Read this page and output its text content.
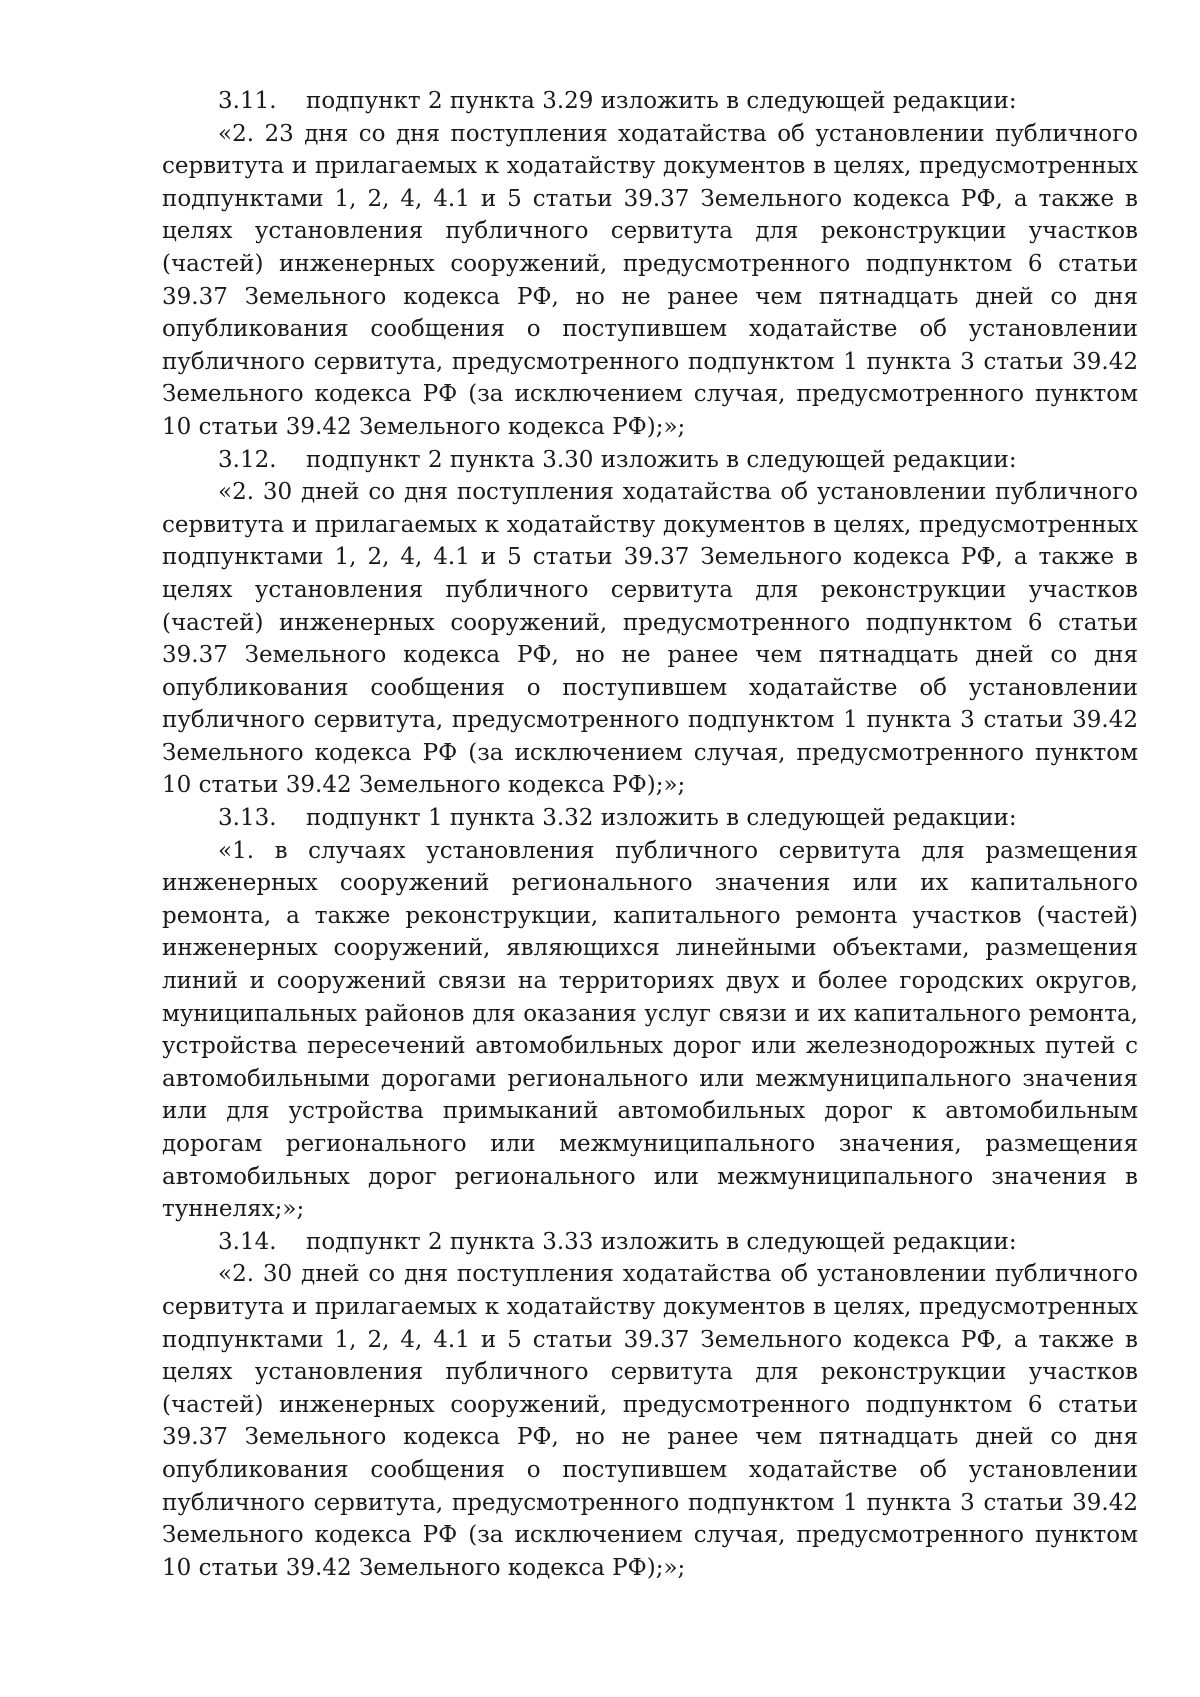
3.11. подпункт 2 пункта 3.29 изложить в следующей редакции:

«2. 23 дня со дня поступления ходатайства об установлении публичного сервитута и прилагаемых к ходатайству документов в целях, предусмотренных подпунктами 1, 2, 4, 4.1 и 5 статьи 39.37 Земельного кодекса РФ, а также в целях установления публичного сервитута для реконструкции участков (частей) инженерных сооружений, предусмотренного подпунктом 6 статьи 39.37 Земельного кодекса РФ, но не ранее чем пятнадцать дней со дня опубликования сообщения о поступившем ходатайстве об установлении публичного сервитута, предусмотренного подпунктом 1 пункта 3 статьи 39.42 Земельного кодекса РФ (за исключением случая, предусмотренного пунктом 10 статьи 39.42 Земельного кодекса РФ);»;

3.12. подпункт 2 пункта 3.30 изложить в следующей редакции:

«2. 30 дней со дня поступления ходатайства об установлении публичного сервитута и прилагаемых к ходатайству документов в целях, предусмотренных подпунктами 1, 2, 4, 4.1 и 5 статьи 39.37 Земельного кодекса РФ, а также в целях установления публичного сервитута для реконструкции участков (частей) инженерных сооружений, предусмотренного подпунктом 6 статьи 39.37 Земельного кодекса РФ, но не ранее чем пятнадцать дней со дня опубликования сообщения о поступившем ходатайстве об установлении публичного сервитута, предусмотренного подпунктом 1 пункта 3 статьи 39.42 Земельного кодекса РФ (за исключением случая, предусмотренного пунктом 10 статьи 39.42 Земельного кодекса РФ);»;

3.13. подпункт 1 пункта 3.32 изложить в следующей редакции:

«1. в случаях установления публичного сервитута для размещения инженерных сооружений регионального значения или их капитального ремонта, а также реконструкции, капитального ремонта участков (частей) инженерных сооружений, являющихся линейными объектами, размещения линий и сооружений связи на территориях двух и более городских округов, муниципальных районов для оказания услуг связи и их капитального ремонта, устройства пересечений автомобильных дорог или железнодорожных путей с автомобильными дорогами регионального или межмуниципального значения или для устройства примыканий автомобильных дорог к автомобильным дорогам регионального или межмуниципального значения, размещения автомобильных дорог регионального или межмуниципального значения в туннелях;»;

3.14. подпункт 2 пункта 3.33 изложить в следующей редакции:

«2. 30 дней со дня поступления ходатайства об установлении публичного сервитута и прилагаемых к ходатайству документов в целях, предусмотренных подпунктами 1, 2, 4, 4.1 и 5 статьи 39.37 Земельного кодекса РФ, а также в целях установления публичного сервитута для реконструкции участков (частей) инженерных сооружений, предусмотренного подпунктом 6 статьи 39.37 Земельного кодекса РФ, но не ранее чем пятнадцать дней со дня опубликования сообщения о поступившем ходатайстве об установлении публичного сервитута, предусмотренного подпунктом 1 пункта 3 статьи 39.42 Земельного кодекса РФ (за исключением случая, предусмотренного пунктом 10 статьи 39.42 Земельного кодекса РФ);»;
